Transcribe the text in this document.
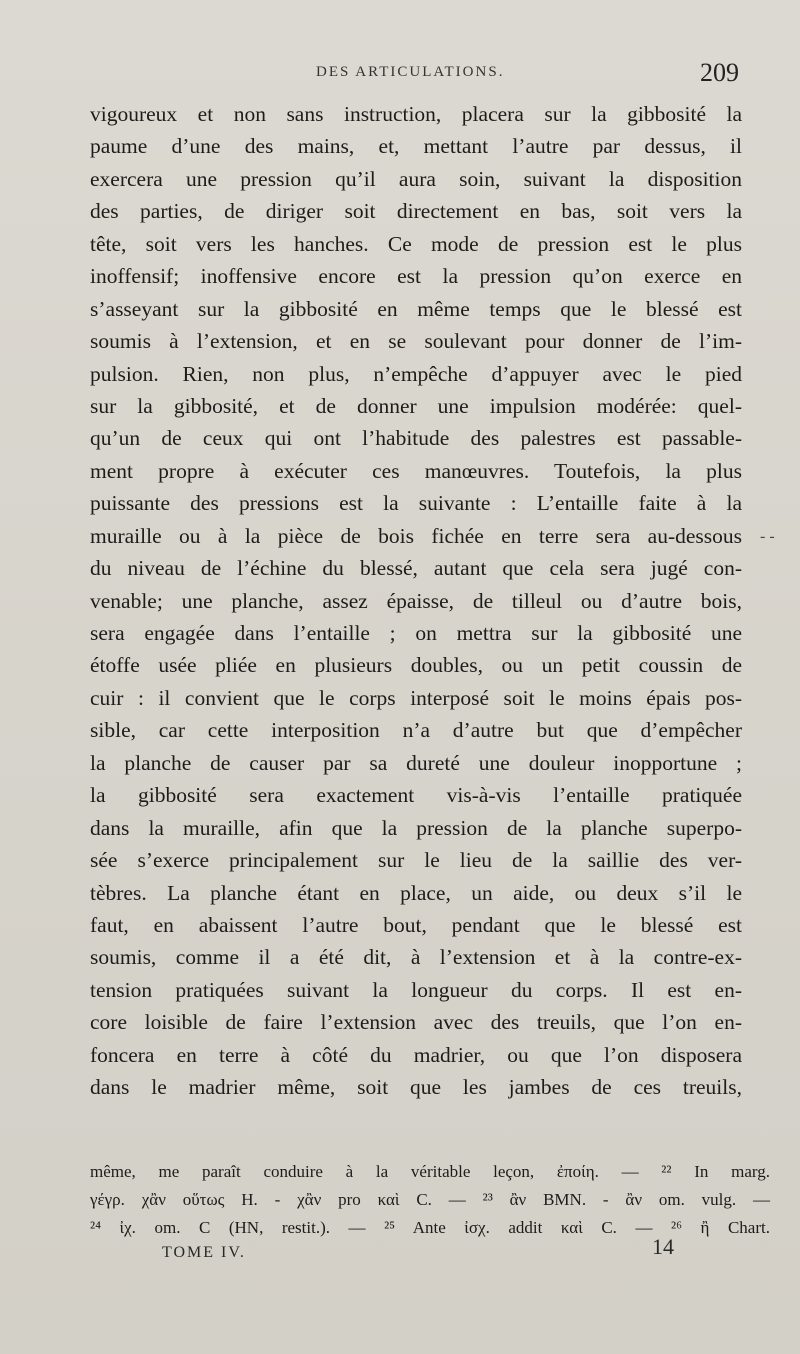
DES ARTICULATIONS.	209
vigoureux et non sans instruction, placera sur la gibbosité la
paume d’une des mains, et, mettant l’autre par dessus, il
exercera une pression qu’il aura soin, suivant la disposition
des parties, de diriger soit directement en bas, soit vers la
tête, soit vers les hanches. Ce mode de pression est le plus
inoffensif; inoffensive encore est la pression qu’on exerce en
s’asseyant sur la gibbosité en même temps que le blessé est
soumis à l’extension, et en se soulevant pour donner de l’im-
pulsion. Rien, non plus, n’empêche d’appuyer avec le pied
sur la gibbosité, et de donner une impulsion modérée: quel-
qu’un de ceux qui ont l’habitude des palestres est passable-
ment propre à exécuter ces manœuvres. Toutefois, la plus
puissante des pressions est la suivante : L’entaille faite à la
muraille ou à la pièce de bois fichée en terre sera au-dessous
du niveau de l’échine du blessé, autant que cela sera jugé con-
venable; une planche, assez épaisse, de tilleul ou d’autre bois,
sera engagée dans l’entaille ; on mettra sur la gibbosité une
étoffe usée pliée en plusieurs doubles, ou un petit coussin de
cuir : il convient que le corps interposé soit le moins épais pos-
sible, car cette interposition n’a d’autre but que d’empêcher
la planche de causer par sa dureté une douleur inopportune ;
la gibbosité sera exactement vis-à-vis l’entaille pratiquée
dans la muraille, afin que la pression de la planche superpo-
sée s’exerce principalement sur le lieu de la saillie des ver-
tèbres. La planche étant en place, un aide, ou deux s’il le
faut, en abaissent l’autre bout, pendant que le blessé est
soumis, comme il a été dit, à l’extension et à la contre-ex-
tension pratiquées suivant la longueur du corps. Il est en-
core loisible de faire l’extension avec des treuils, que l’on en-
foncera en terre à côté du madrier, ou que l’on disposera
dans le madrier même, soit que les jambes de ces treuils,
- -
même, me paraît conduire à la véritable leçon, ἐποίη. — ²² In marg.
γέγρ. χἂν οὕτως H. - χἂν pro καὶ C. — ²³ ἂν BMN. - ἂν om. vulg. —
²⁴ ἰχ. om. C (HN, restit.). — ²⁵ Ante ἰσχ. addit καὶ C. — ²⁶ ἢ Chart.
TOME IV.	14
